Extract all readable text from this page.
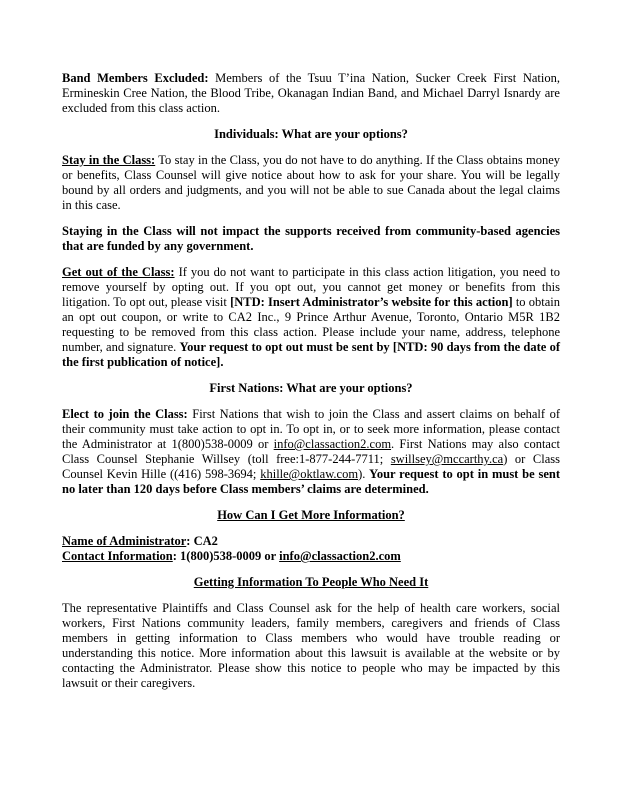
Band Members Excluded: Members of the Tsuu T’ina Nation, Sucker Creek First Nation, Ermineskin Cree Nation, the Blood Tribe, Okanagan Indian Band, and Michael Darryl Isnardy are excluded from this class action.
Individuals: What are your options?
Stay in the Class: To stay in the Class, you do not have to do anything. If the Class obtains money or benefits, Class Counsel will give notice about how to ask for your share. You will be legally bound by all orders and judgments, and you will not be able to sue Canada about the legal claims in this case.
Staying in the Class will not impact the supports received from community-based agencies that are funded by any government.
Get out of the Class: If you do not want to participate in this class action litigation, you need to remove yourself by opting out. If you opt out, you cannot get money or benefits from this litigation. To opt out, please visit [NTD: Insert Administrator’s website for this action] to obtain an opt out coupon, or write to CA2 Inc., 9 Prince Arthur Avenue, Toronto, Ontario M5R 1B2 requesting to be removed from this class action. Please include your name, address, telephone number, and signature. Your request to opt out must be sent by [NTD: 90 days from the date of the first publication of notice].
First Nations: What are your options?
Elect to join the Class: First Nations that wish to join the Class and assert claims on behalf of their community must take action to opt in. To opt in, or to seek more information, please contact the Administrator at 1(800)538-0009 or info@classaction2.com. First Nations may also contact Class Counsel Stephanie Willsey (toll free:1-877-244-7711; swillsey@mccarthy.ca) or Class Counsel Kevin Hille ((416) 598-3694; khille@oktlaw.com). Your request to opt in must be sent no later than 120 days before Class members’ claims are determined.
How Can I Get More Information?
Name of Administrator: CA2
Contact Information: 1(800)538-0009 or info@classaction2.com
Getting Information To People Who Need It
The representative Plaintiffs and Class Counsel ask for the help of health care workers, social workers, First Nations community leaders, family members, caregivers and friends of Class members in getting information to Class members who would have trouble reading or understanding this notice. More information about this lawsuit is available at the website or by contacting the Administrator. Please show this notice to people who may be impacted by this lawsuit or their caregivers.
